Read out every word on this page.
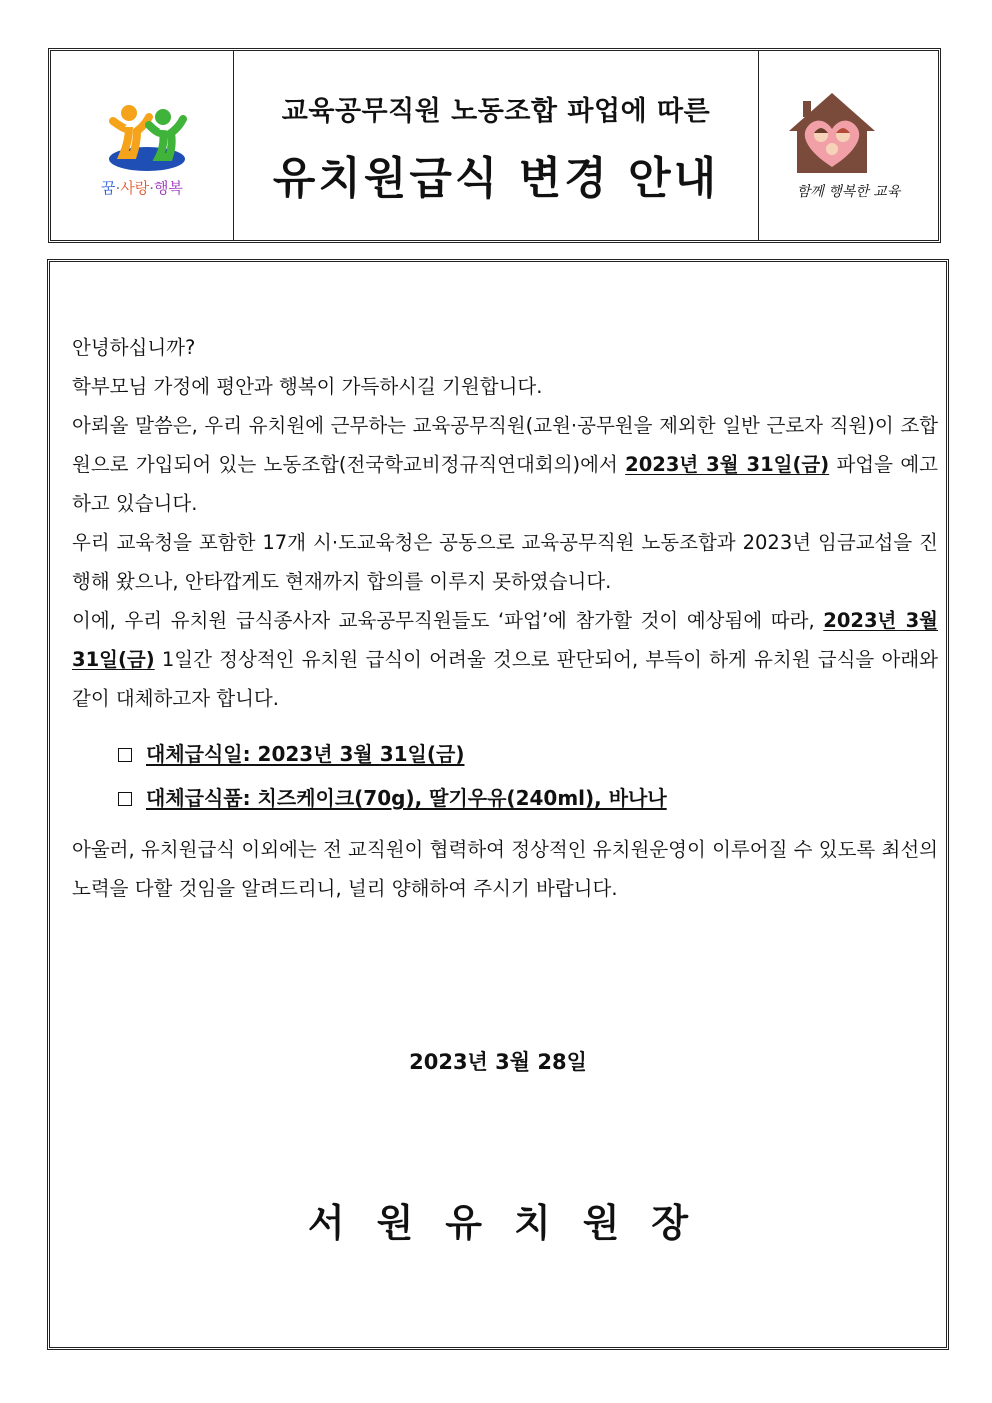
꿈·사랑·행복
교육공무직원 노동조합 파업에 따른
유치원급식 변경 안내	함께 행복한 교육

안녕하십니까?

학부모님 가정에 평안과 행복이 가득하시길 기원합니다.

아뢰올 말씀은, 우리 유치원에 근무하는 교육공무직원(교원·공무원을 제외한 일반 근로자 직원)이 조합원으로 가입되어 있는 노동조합(전국학교비정규직연대회의)에서 2023년 3월 31일(금) 파업을 예고하고 있습니다.

우리 교육청을 포함한 17개 시·도교육청은 공동으로 교육공무직원 노동조합과 2023년 임금교섭을 진행해 왔으나, 안타깝게도 현재까지 합의를 이루지 못하였습니다.

이에, 우리 유치원 급식종사자 교육공무직원들도 ‘파업’에 참가할 것이 예상됨에 따라, 2023년 3월 31일(금) 1일간 정상적인 유치원 급식이 어려울 것으로 판단되어, 부득이 하게 유치원 급식을 아래와 같이 대체하고자 합니다.

대체급식일: 2023년 3월 31일(금)
대체급식품: 치즈케이크(70g), 딸기우유(240ml), 바나나

아울러, 유치원급식 이외에는 전 교직원이 협력하여 정상적인 유치원운영이 이루어질 수 있도록 최선의 노력을 다할 것임을 알려드리니, 널리 양해하여 주시기 바랍니다.

2023년 3월 28일
서원유치원장
